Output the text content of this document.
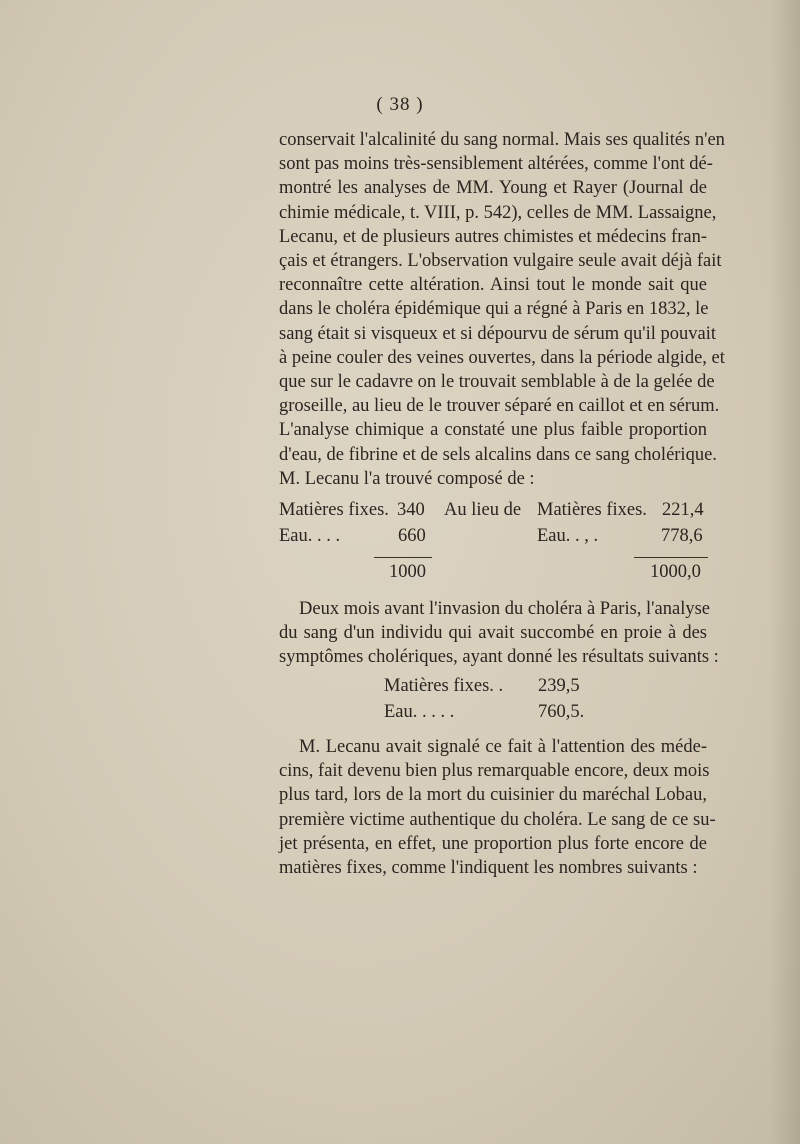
( 38 )

conservait l'alcalinité du sang normal. Mais ses qualités n'en
sont pas moins très-sensiblement altérées, comme l'ont dé-
montré les analyses de MM. Young et Rayer (Journal de
chimie médicale, t. VIII, p. 542), celles de MM. Lassaigne,
Lecanu, et de plusieurs autres chimistes et médecins fran-
çais et étrangers. L'observation vulgaire seule avait déjà fait
reconnaître cette altération. Ainsi tout le monde sait que
dans le choléra épidémique qui a régné à Paris en 1832, le
sang était si visqueux et si dépourvu de sérum qu'il pouvait
à peine couler des veines ouvertes, dans la période algide, et
que sur le cadavre on le trouvait semblable à de la gelée de
groseille, au lieu de le trouver séparé en caillot et en sérum.
L'analyse chimique a constaté une plus faible proportion
d'eau, de fibrine et de sels alcalins dans ce sang cholérique.
M. Lecanu l'a trouvé composé de :

Matières fixes. 340 Au lieu de Matières fixes. 221,4
Eau. . . .	660	Eau. . , .	778,6
1000	1000,0

Deux mois avant l'invasion du choléra à Paris, l'analyse
du sang d'un individu qui avait succombé en proie à des
symptômes cholériques, ayant donné les résultats suivants :

Matières fixes. . 239,5
Eau. . . . .	760,5.

M. Lecanu avait signalé ce fait à l'attention des méde-
cins, fait devenu bien plus remarquable encore, deux mois
plus tard, lors de la mort du cuisinier du maréchal Lobau,
première victime authentique du choléra. Le sang de ce su-
jet présenta, en effet, une proportion plus forte encore de
matières fixes, comme l'indiquent les nombres suivants :
